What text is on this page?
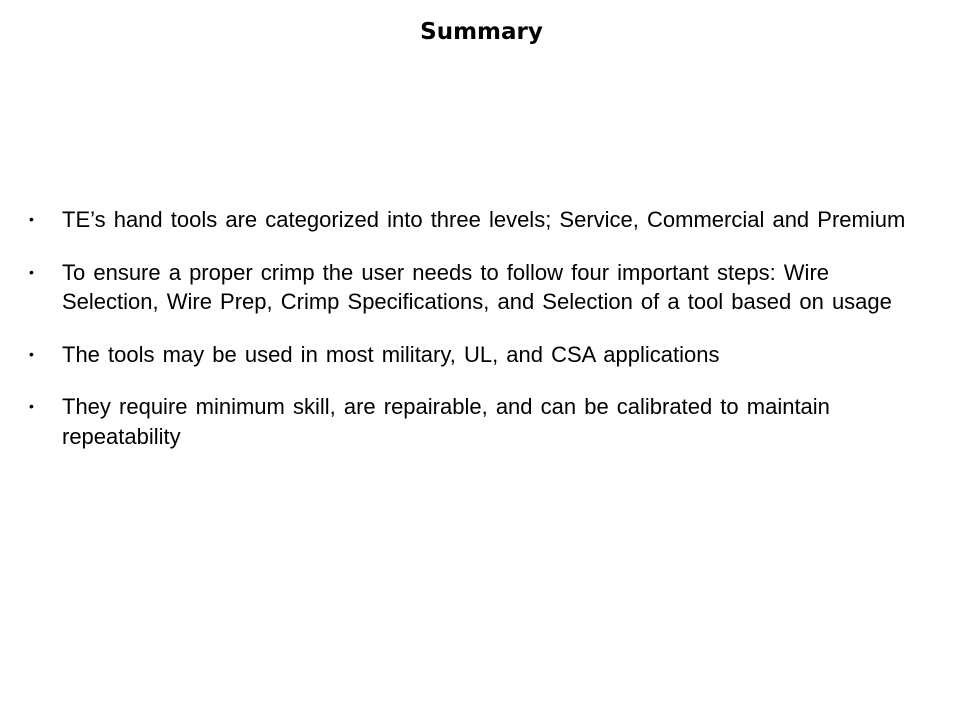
Summary
• TE’s hand tools are categorized into three levels; Service, Commercial and Premium
• To ensure a proper crimp the user needs to follow four important steps: Wire Selection, Wire Prep, Crimp Specifications, and Selection of a tool based on usage
• The tools may be used in most military, UL, and CSA applications
• They require minimum skill, are repairable, and can be calibrated to maintain repeatability
